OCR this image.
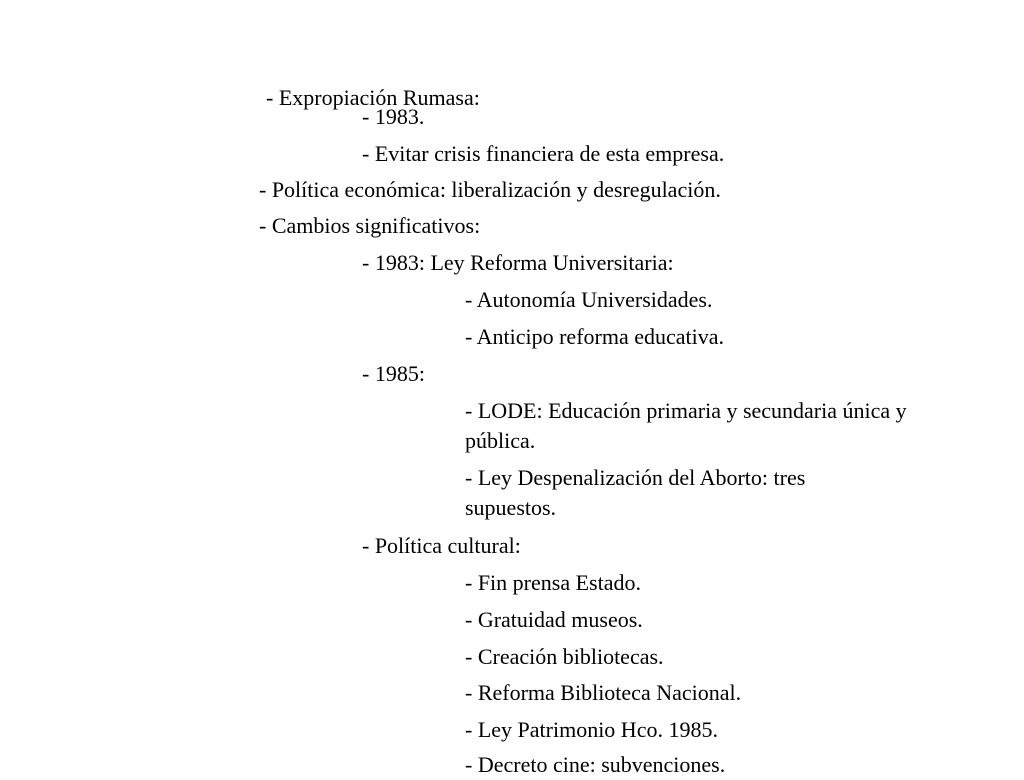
- Expropiación Rumasa:
- 1983.
- Evitar crisis financiera de esta empresa.
- Política económica: liberalización y desregulación.
- Cambios significativos:
- 1983: Ley Reforma Universitaria:
- Autonomía Universidades.
- Anticipo reforma educativa.
- 1985:
- LODE: Educación primaria y secundaria única y pública.
- Ley Despenalización del Aborto: tres supuestos.
- Política cultural:
- Fin prensa Estado.
- Gratuidad museos.
- Creación bibliotecas.
- Reforma Biblioteca Nacional.
- Ley Patrimonio Hco. 1985.
- Decreto cine: subvenciones.
